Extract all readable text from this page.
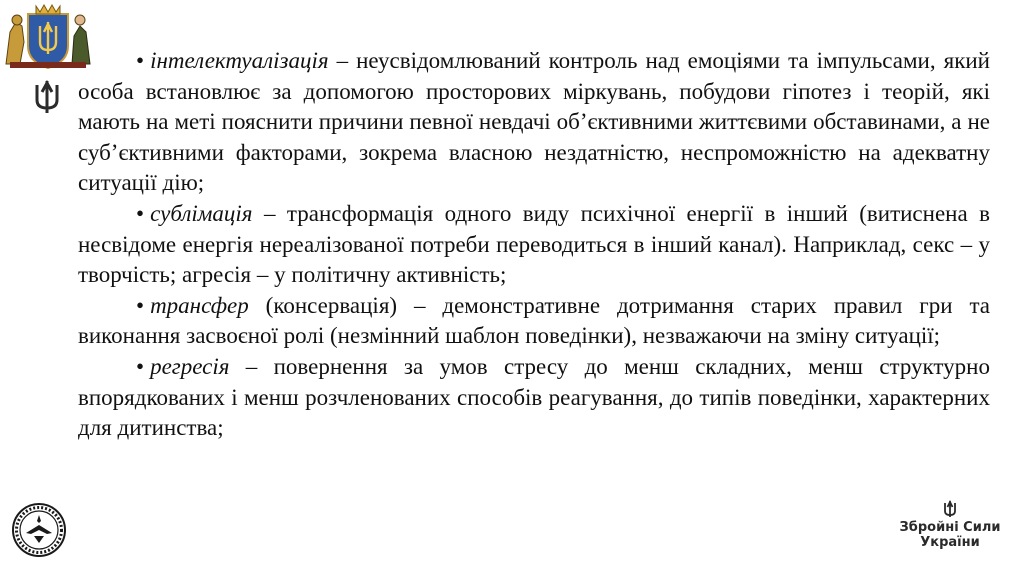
• інтелектуалізація – неусвідомлюваний контроль над емоціями та імпульсами, який особа встановлює за допомогою просторових міркувань, побудови гіпотез і теорій, які мають на меті пояснити причини певної невдачі об’єктивними життєвими обставинами, а не суб’єктивними факторами, зокрема власною нездатністю, неспроможністю на адекватну ситуації дію;

• сублімація – трансформація одного виду психічної енергії в інший (витиснена в несвідоме енергія нереалізованої потреби переводиться в інший канал). Наприклад, секс – у творчість; агресія – у політичну активність;

• трансфер (консервація) – демонстративне дотримання старих правил гри та виконання засвоєної ролі (незмінний шаблон поведінки), незважаючи на зміну ситуації;

• регресія – повернення за умов стресу до менш складних, менш структурно впорядкованих і менш розчленованих способів реагування, до типів поведінки, характерних для дитинства;

Збройні Сили
України
